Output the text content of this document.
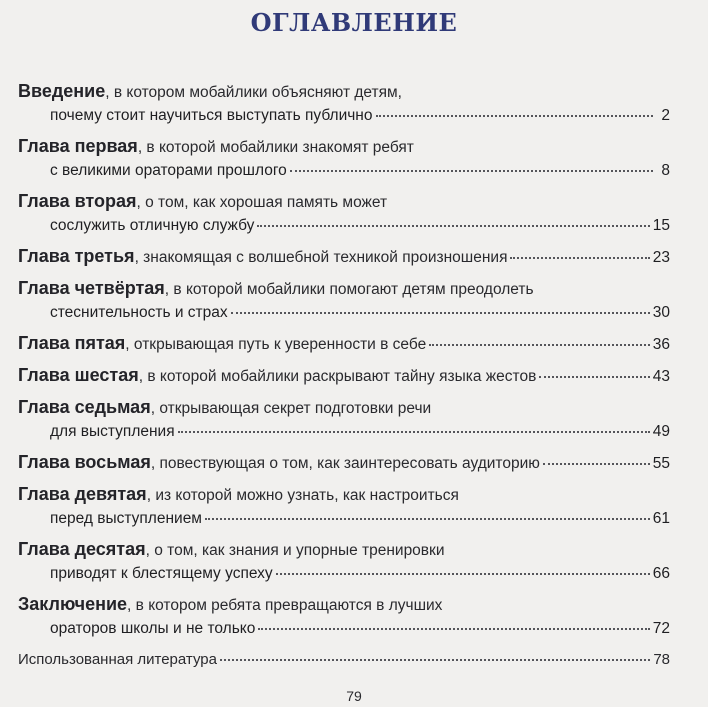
ОГЛАВЛЕНИЕ
Введение, в котором мобайлики объясняют детям,
почему стоит научиться выступать публично	2
Глава первая, в которой мобайлики знакомят ребят
с великими ораторами прошлого	8
Глава вторая, о том, как хорошая память может
сослужить отличную службу	15
Глава третья, знакомящая с волшебной техникой произношения	23
Глава четвёртая, в которой мобайлики помогают детям преодолеть
стеснительность и страх	30
Глава пятая, открывающая путь к уверенности в себе	36
Глава шестая, в которой мобайлики раскрывают тайну языка жестов	43
Глава седьмая, открывающая секрет подготовки речи
для выступления	49
Глава восьмая, повествующая о том, как заинтересовать аудиторию	55
Глава девятая, из которой можно узнать, как настроиться
перед выступлением	61
Глава десятая, о том, как знания и упорные тренировки
приводят к блестящему успеху	66
Заключение, в котором ребята превращаются в лучших
ораторов школы и не только	72
Использованная литература	78
79
